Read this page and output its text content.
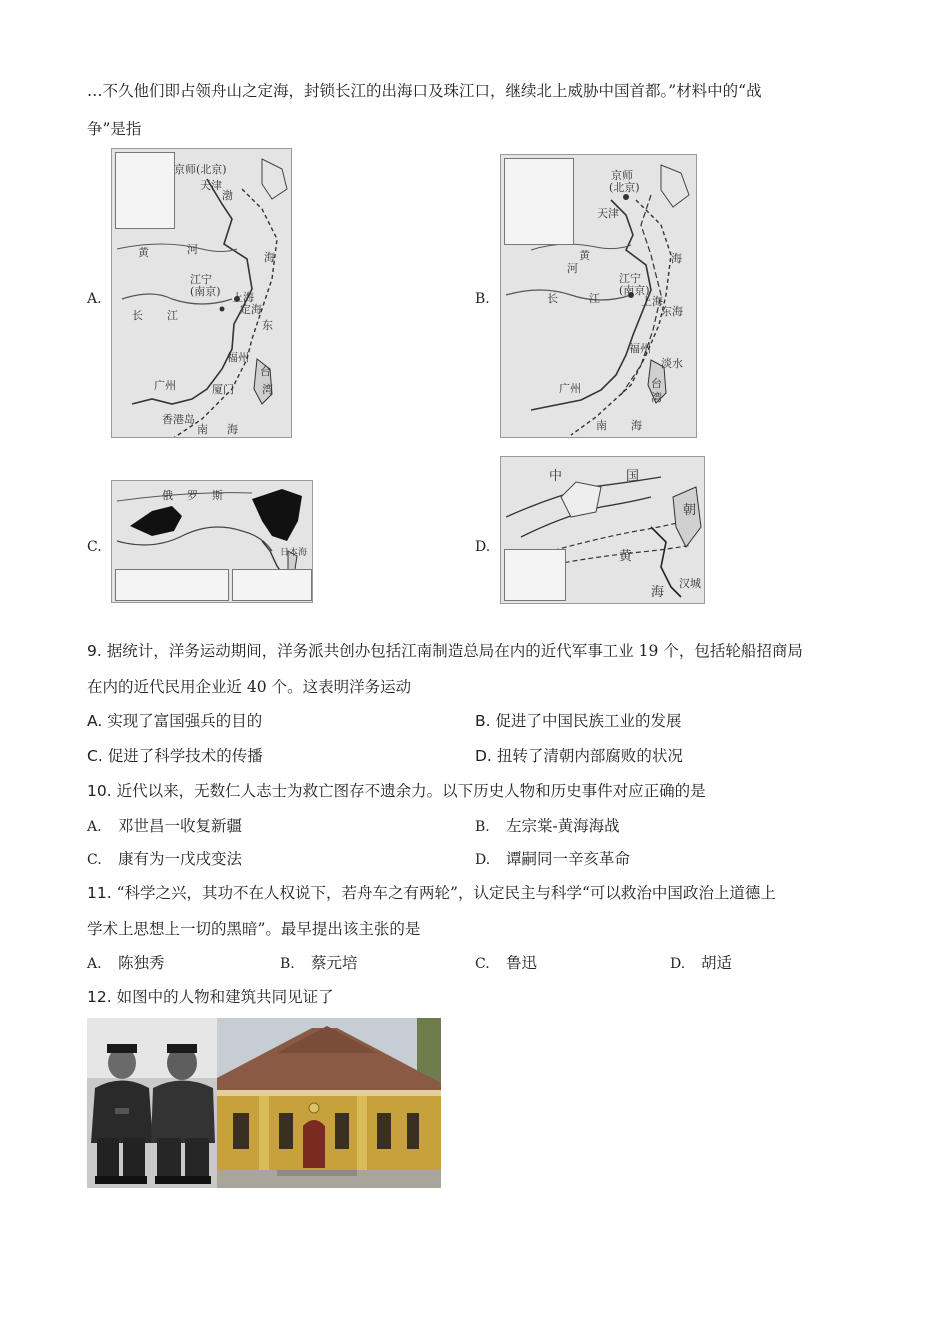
…不久他们即占领舟山之定海，封锁长江的出海口及珠江口，继续北上威胁中国首都。”材料中的“战
争”是指
A.
京师(北京)
天津
渤
黄	海
河
江宁
(南京) 上海
定海
东
长 江
福州
厦门
台
湾
广州
香港岛
南 海
B.
京师
(北京)
天津
黄	海
河
长	江
江宁
(南京)
上海
东海
福州
淡水
广州	台
湾
南 海
C.
俄 罗 斯
日本海	D.
中	国
朝
黄
海
汉城
9. 据统计，洋务运动期间，洋务派共创办包括江南制造总局在内的近代军事工业 19 个，包括轮船招商局
在内的近代民用企业近 40 个。这表明洋务运动
A. 实现了富国强兵的目的	B. 促进了中国民族工业的发展
C. 促进了科学技术的传播	D. 扭转了清朝内部腐败的状况
10. 近代以来，无数仁人志士为救亡图存不遗余力。以下历史人物和历史事件对应正确的是
A. 邓世昌一收复新疆	B. 左宗棠-黄海海战
C. 康有为一戊戌变法	D. 谭嗣同一辛亥革命
11. “科学之兴，其功不在人权说下，若舟车之有两轮”，认定民主与科学“可以救治中国政治上道德上
学术上思想上一切的黑暗”。最早提出该主张的是
A. 陈独秀	B. 蔡元培	C. 鲁迅	D. 胡适
12. 如图中的人物和建筑共同见证了
